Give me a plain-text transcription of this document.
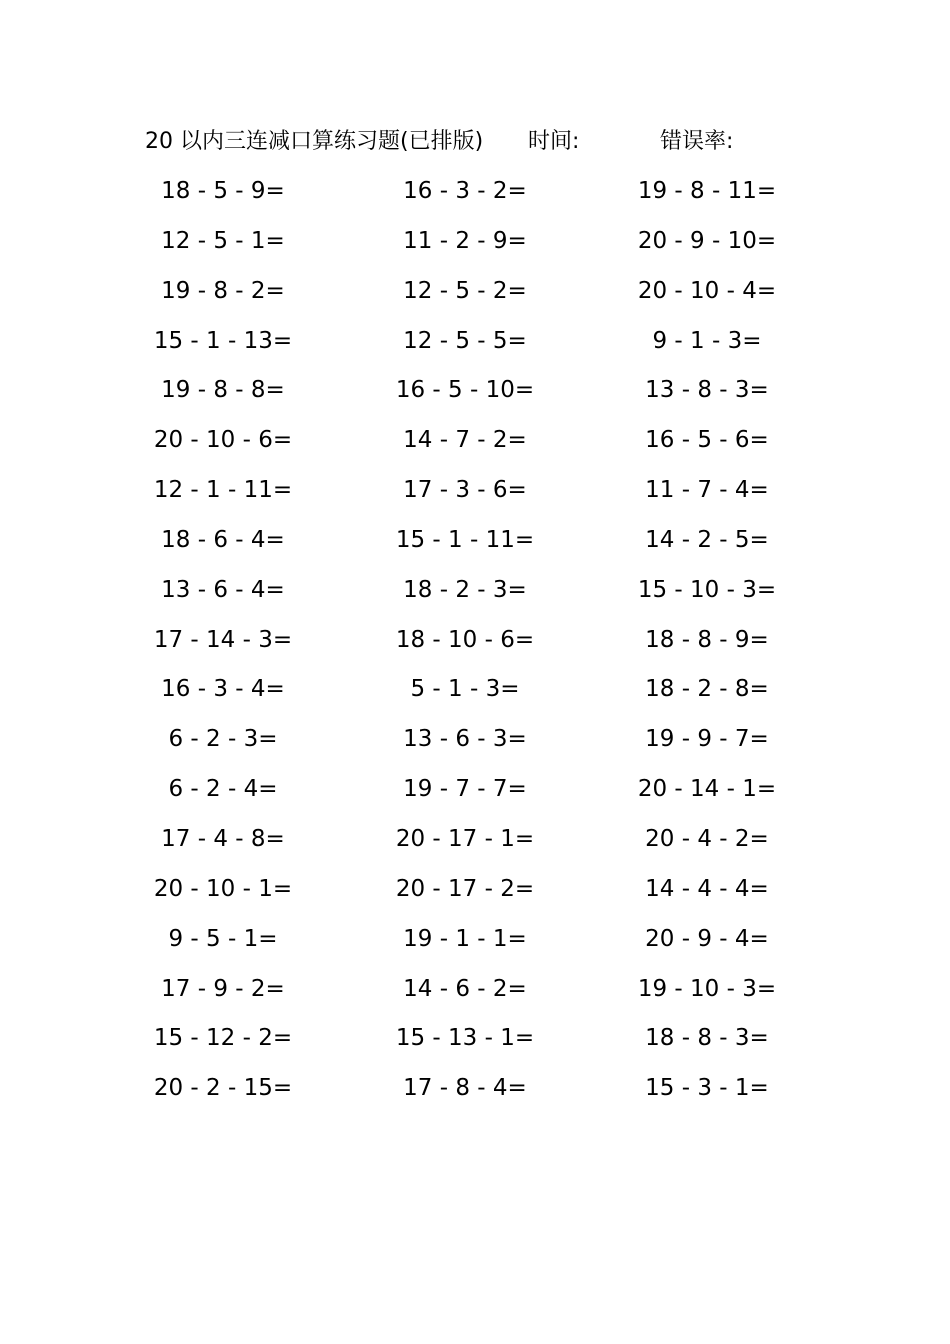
20 以内三连减口算练习题(已排版) 时间:	错误率:
18 - 5 - 9=	16 - 3 - 2=	19 - 8 - 11=
12 - 5 - 1=	11 - 2 - 9=	20 - 9 - 10=
19 - 8 - 2=	12 - 5 - 2=	20 - 10 - 4=
15 - 1 - 13=	12 - 5 - 5=	9 - 1 - 3=
19 - 8 - 8=	16 - 5 - 10=	13 - 8 - 3=
20 - 10 - 6=	14 - 7 - 2=	16 - 5 - 6=
12 - 1 - 11=	17 - 3 - 6=	11 - 7 - 4=
18 - 6 - 4=	15 - 1 - 11=	14 - 2 - 5=
13 - 6 - 4=	18 - 2 - 3=	15 - 10 - 3=
17 - 14 - 3=	18 - 10 - 6=	18 - 8 - 9=
16 - 3 - 4=	5 - 1 - 3=	18 - 2 - 8=
6 - 2 - 3=	13 - 6 - 3=	19 - 9 - 7=
6 - 2 - 4=	19 - 7 - 7=	20 - 14 - 1=
17 - 4 - 8=	20 - 17 - 1=	20 - 4 - 2=
20 - 10 - 1=	20 - 17 - 2=	14 - 4 - 4=
9 - 5 - 1=	19 - 1 - 1=	20 - 9 - 4=
17 - 9 - 2=	14 - 6 - 2=	19 - 10 - 3=
15 - 12 - 2=	15 - 13 - 1=	18 - 8 - 3=
20 - 2 - 15=	17 - 8 - 4=	15 - 3 - 1=
